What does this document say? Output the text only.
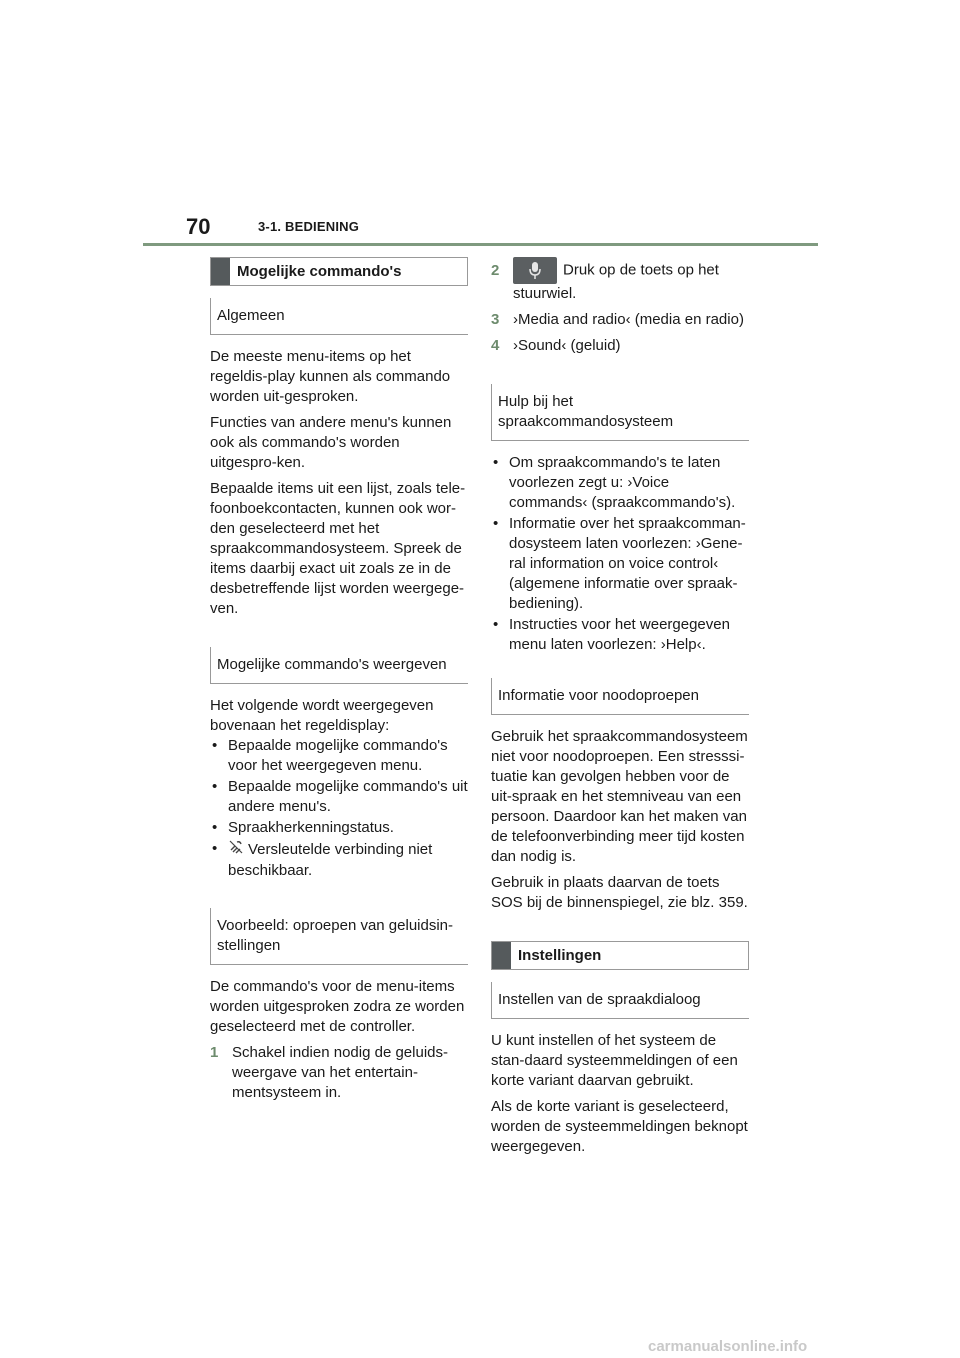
70	3-1. BEDIENING
Mogelijke commando's
Algemeen

De meeste menu-items op het regeldis-play kunnen als commando worden uit-gesproken.

Functies van andere menu's kunnen ook als commando's worden uitgespro-ken.

Bepaalde items uit een lijst, zoals tele-foonboekcontacten, kunnen ook wor-den geselecteerd met het spraakcommandosysteem. Spreek de items daarbij exact uit zoals ze in de desbetreffende lijst worden weergege-ven.

Mogelijke commando's weergeven

Het volgende wordt weergegeven bovenaan het regeldisplay:

• Bepaalde mogelijke commando's voor het weergegeven menu.
• Bepaalde mogelijke commando's uit andere menu's.
• Spraakherkenningstatus.
• Versleutelde verbinding niet beschikbaar.
Voorbeeld: oproepen van geluidsin-stellingen

De commando's voor de menu-items worden uitgesproken zodra ze worden geselecteerd met de controller.

1 Schakel indien nodig de geluids-weergave van het entertain-mentsysteem in.
2	Druk op de toets op het stuurwiel.
3 ›Media and radio‹ (media en radio)
4 ›Sound‹ (geluid)
Hulp bij het spraakcommandosysteem
• Om spraakcommando's te laten voorlezen zegt u: ›Voice commands‹ (spraakcommando's).
• Informatie over het spraakcomman-dosysteem laten voorlezen: ›Gene-ral information on voice control‹ (algemene informatie over spraak-bediening).
• Instructies voor het weergegeven menu laten voorlezen: ›Help‹.
Informatie voor noodoproepen

Gebruik het spraakcommandosysteem niet voor noodoproepen. Een stresssi-tuatie kan gevolgen hebben voor de uit-spraak en het stemniveau van een persoon. Daardoor kan het maken van de telefoonverbinding meer tijd kosten dan nodig is.

Gebruik in plaats daarvan de toets SOS bij de binnenspiegel, zie blz. 359.

Instellingen
Instellen van de spraakdialoog

U kunt instellen of het systeem de stan-daard systeemmeldingen of een korte variant daarvan gebruikt.

Als de korte variant is geselecteerd, worden de systeemmeldingen beknopt weergegeven.

carmanualsonline.info
